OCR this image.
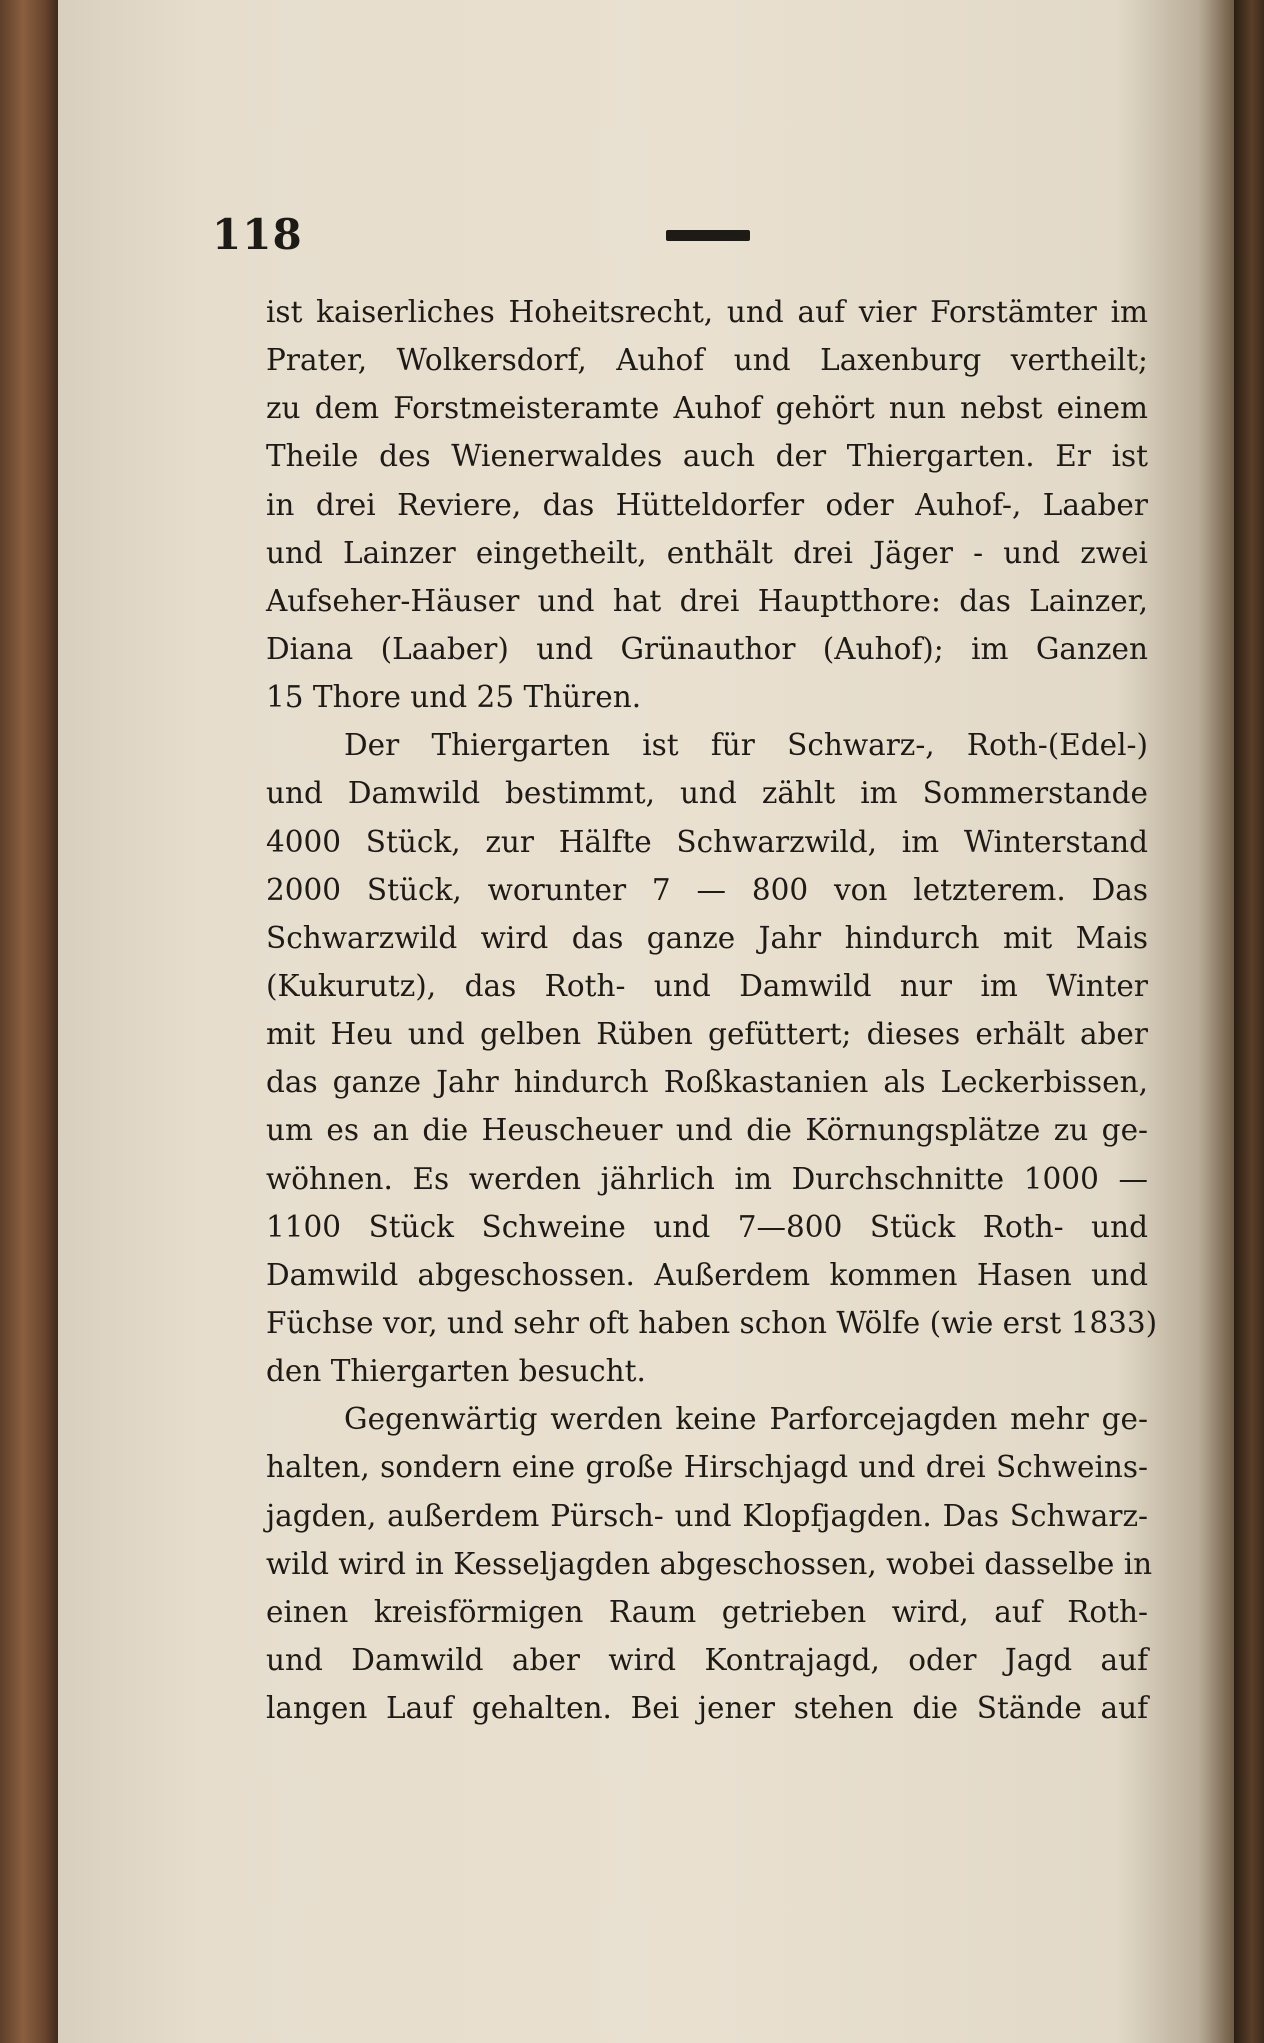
118
ist kaiserliches Hoheitsrecht, und auf vier Forstämter im
Prater, Wolkersdorf, Auhof und Laxenburg vertheilt;
zu dem Forstmeisteramte Auhof gehört nun nebst einem
Theile des Wienerwaldes auch der Thiergarten. Er ist
in drei Reviere, das Hütteldorfer oder Auhof-, Laaber
und Lainzer eingetheilt, enthält drei Jäger - und zwei
Aufseher-Häuser und hat drei Hauptthore: das Lainzer,
Diana (Laaber) und Grünauthor (Auhof); im Ganzen
15 Thore und 25 Thüren.
Der Thiergarten ist für Schwarz-, Roth-(Edel-)
und Damwild bestimmt, und zählt im Sommerstande
4000 Stück, zur Hälfte Schwarzwild, im Winterstand
2000 Stück, worunter 7 — 800 von letzterem. Das
Schwarzwild wird das ganze Jahr hindurch mit Mais
(Kukurutz), das Roth- und Damwild nur im Winter
mit Heu und gelben Rüben gefüttert; dieses erhält aber
das ganze Jahr hindurch Roßkastanien als Leckerbissen,
um es an die Heuscheuer und die Körnungsplätze zu ge-
wöhnen. Es werden jährlich im Durchschnitte 1000 —
1100 Stück Schweine und 7—800 Stück Roth- und
Damwild abgeschossen. Außerdem kommen Hasen und
Füchse vor, und sehr oft haben schon Wölfe (wie erst 1833)
den Thiergarten besucht.
Gegenwärtig werden keine Parforcejagden mehr ge-
halten, sondern eine große Hirschjagd und drei Schweins-
jagden, außerdem Pürsch- und Klopfjagden. Das Schwarz-
wild wird in Kesseljagden abgeschossen, wobei dasselbe in
einen kreisförmigen Raum getrieben wird, auf Roth-
und Damwild aber wird Kontrajagd, oder Jagd auf
langen Lauf gehalten. Bei jener stehen die Stände auf
